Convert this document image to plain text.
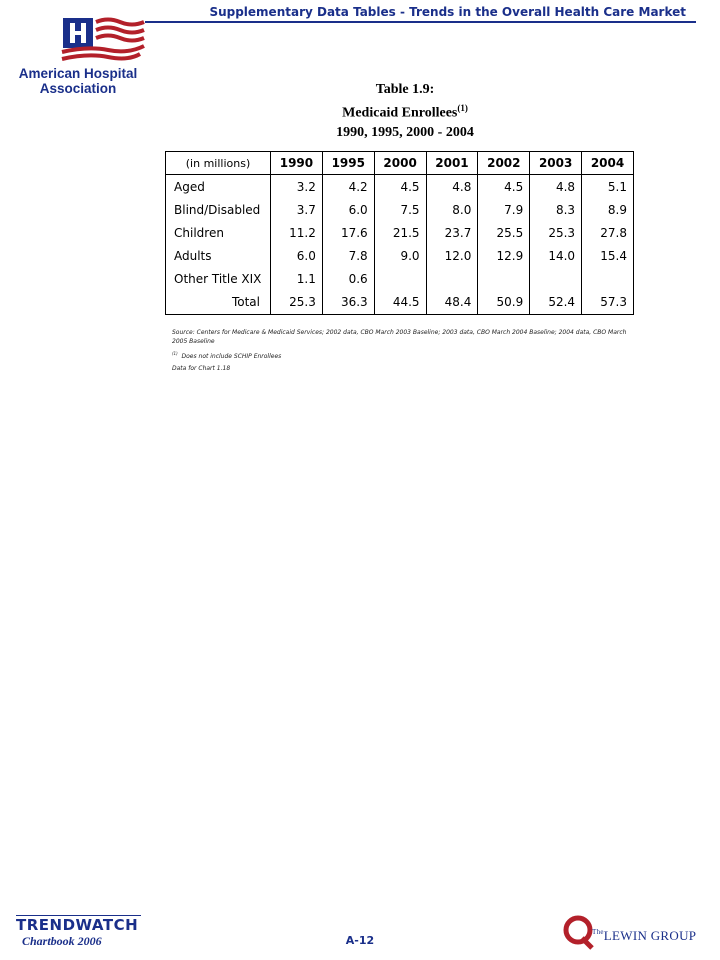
Supplementary Data Tables - Trends in the Overall Health Care Market
American Hospital
Association	Table 1.9:
Medicaid Enrollees$^{(1)}$
1990, 1995, 2000 - 2004
(in millions)	1990	1995	2000	2001	2002	2003	2004
Aged	3.2	4.2	4.5	4.8	4.5	4.8	5.1
Blind/Disabled	3.7	6.0	7.5	8.0	7.9	8.3	8.9
Children	11.2	17.6	21.5	23.7	25.5	25.3	27.8
Adults	6.0	7.8	9.0	12.0	12.9	14.0	15.4
Other Title XIX	1.1	0.6					
Total	25.3	36.3	44.5	48.4	50.9	52.4	57.3
Source: Centers for Medicare & Medicaid Services; 2002 data, CBO March 2003 Baseline; 2003 data, CBO March 2004 Baseline; 2004 data, CBO March 2005 Baseline
$^{(1)}$ Does not include SCHIP Enrollees
Data for Chart 1.18
TRENDWATCH
Chartbook 2006	A-12
$^{The}$LEWIN GROUP
